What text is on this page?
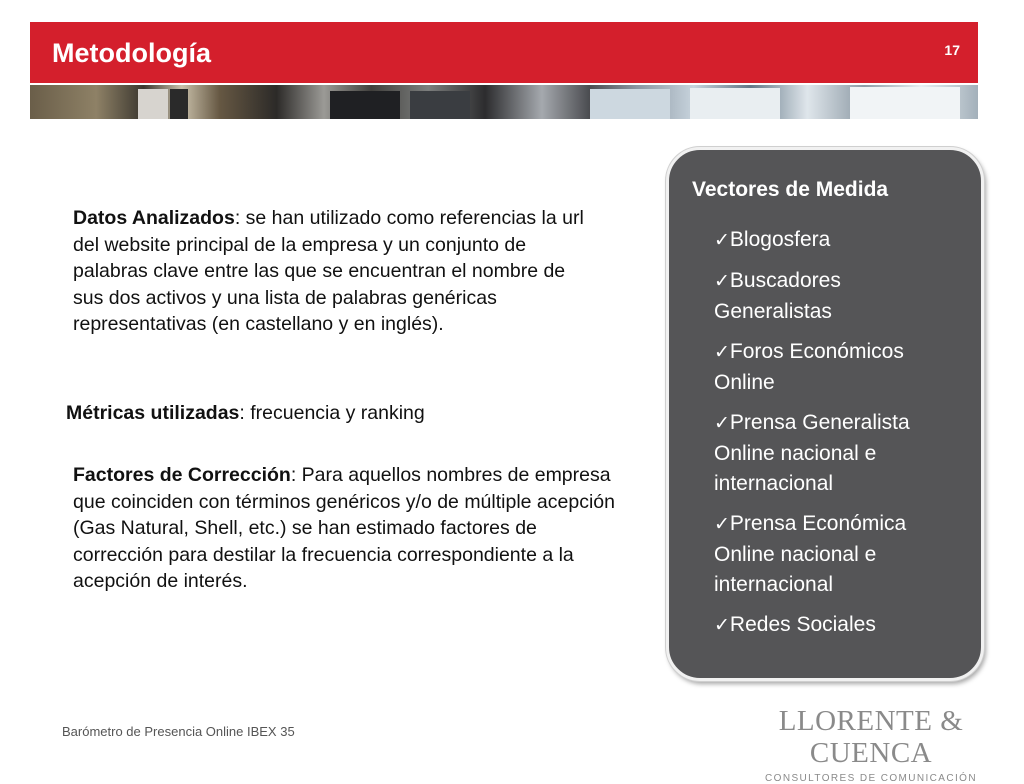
Metodología	17
Datos Analizados: se han utilizado como referencias la url del website principal de la empresa y un conjunto de palabras clave entre las que se encuentran el nombre de sus dos activos y una lista de palabras genéricas representativas (en castellano y en inglés).
Métricas utilizadas: frecuencia y ranking
Factores de Corrección: Para aquellos nombres de empresa que coinciden con términos genéricos y/o de múltiple acepción (Gas Natural, Shell, etc.) se han estimado factores de corrección para destilar la frecuencia correspondiente a la acepción de interés.
Vectores de Medida
✓Blogosfera
✓Buscadores Generalistas
✓Foros Económicos Online
✓Prensa Generalista Online nacional e internacional
✓Prensa Económica Online nacional e internacional
✓Redes Sociales
Barómetro de Presencia Online IBEX 35	LLORENTE & CUENCA
CONSULTORES DE COMUNICACIÓN
